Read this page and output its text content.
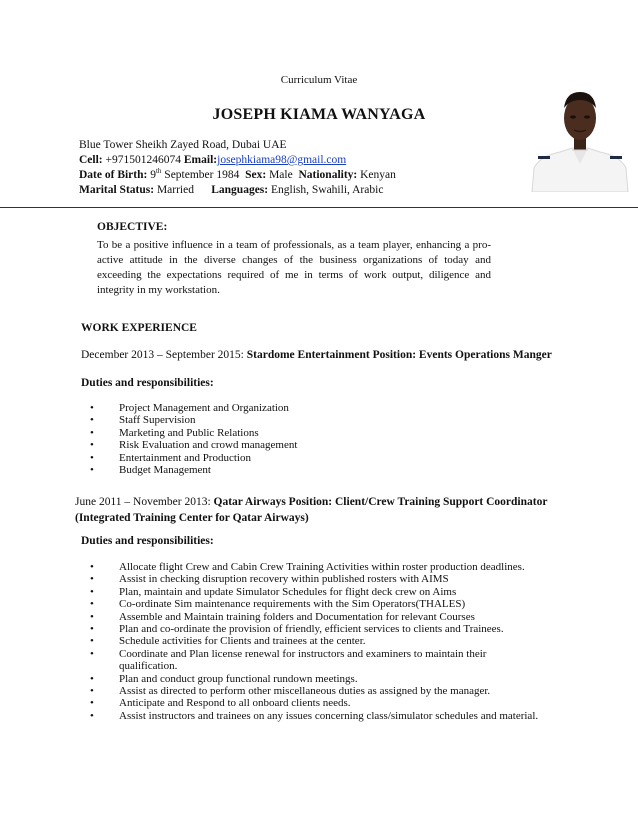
Curriculum Vitae
JOSEPH KIAMA WANYAGA
Blue Tower Sheikh Zayed Road, Dubai UAE
Cell: +971501246074 Email:josephkiama98@gmail.com
Date of Birth: 9th September 1984 Sex: Male Nationality: Kenyan
Marital Status: Married Languages: English, Swahili, Arabic
OBJECTIVE:
To be a positive influence in a team of professionals, as a team player, enhancing a pro-active attitude in the diverse changes of the business organizations of today and exceeding the expectations required of me in terms of work output, diligence and integrity in my workstation.
WORK EXPERIENCE
December 2013 – September 2015: Stardome Entertainment Position: Events Operations Manger
Duties and responsibilities:
• Project Management and Organization
• Staff Supervision
• Marketing and Public Relations
• Risk Evaluation and crowd management
• Entertainment and Production
• Budget Management
June 2011 – November 2013: Qatar Airways Position: Client/Crew Training Support Coordinator
(Integrated Training Center for Qatar Airways)
Duties and responsibilities:
• Allocate flight Crew and Cabin Crew Training Activities within roster production deadlines.
• Assist in checking disruption recovery within published rosters with AIMS
• Plan, maintain and update Simulator Schedules for flight deck crew on Aims
• Co-ordinate Sim maintenance requirements with the Sim Operators(THALES)
• Assemble and Maintain training folders and Documentation for relevant Courses
• Plan and co-ordinate the provision of friendly, efficient services to clients and Trainees.
• Schedule activities for Clients and trainees at the center.
• Coordinate and Plan license renewal for instructors and examiners to maintain their qualification.
• Plan and conduct group functional rundown meetings.
• Assist as directed to perform other miscellaneous duties as assigned by the manager.
• Anticipate and Respond to all onboard clients needs.
• Assist instructors and trainees on any issues concerning class/simulator schedules and material.
